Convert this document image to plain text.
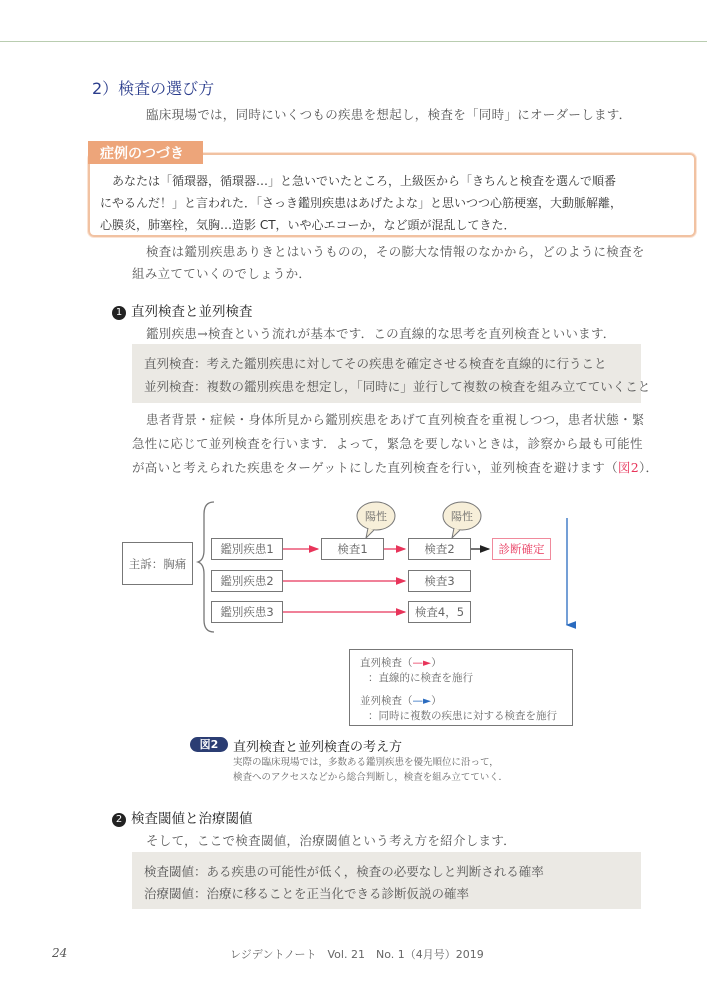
2）検査の選び方
臨床現場では，同時にいくつもの疾患を想起し，検査を「同時」にオーダーします．
症例のつづき
あなたは「循環器，循環器…」と急いでいたところ，上級医から「きちんと検査を選んで順番
にやるんだ！」と言われた．「さっき鑑別疾患はあげたよな」と思いつつ心筋梗塞，大動脈解離，
心膜炎，肺塞栓，気胸…造影 CT，いや心エコーか，など頭が混乱してきた．
検査は鑑別疾患ありきとはいうものの，その膨大な情報のなかから，どのように検査を
組み立てていくのでしょうか．
1 直列検査と並列検査
鑑別疾患→検査という流れが基本です．この直線的な思考を直列検査といいます．
直列検査：考えた鑑別疾患に対してその疾患を確定させる検査を直線的に行うこと
並列検査：複数の鑑別疾患を想定し，「同時に」並行して複数の検査を組み立てていくこと
患者背景・症候・身体所見から鑑別疾患をあげて直列検査を重視しつつ，患者状態・緊
急性に応じて並列検査を行います．よって，緊急を要しないときは，診察から最も可能性
が高いと考えられた疾患をターゲットにした直列検査を行い，並列検査を避けます（図2）．
陽性	陽性
主訴：胸痛
鑑別疾患1
鑑別疾患2
鑑別疾患3
検査1	検査2
検査3
検査4，5
診断確定
直列検査（—►）
：直線的に検査を施行
並列検査（—►）
：同時に複数の疾患に対する検査を施行
図2	直列検査と並列検査の考え方
実際の臨床現場では，多数ある鑑別疾患を優先順位に沿って，
検査へのアクセスなどから総合判断し，検査を組み立てていく．
2 検査閾値と治療閾値
そして，ここで検査閾値，治療閾値という考え方を紹介します．
検査閾値：ある疾患の可能性が低く，検査の必要なしと判断される確率
治療閾値：治療に移ることを正当化できる診断仮説の確率
24	レジデントノート　Vol. 21　No. 1（4月号）2019
